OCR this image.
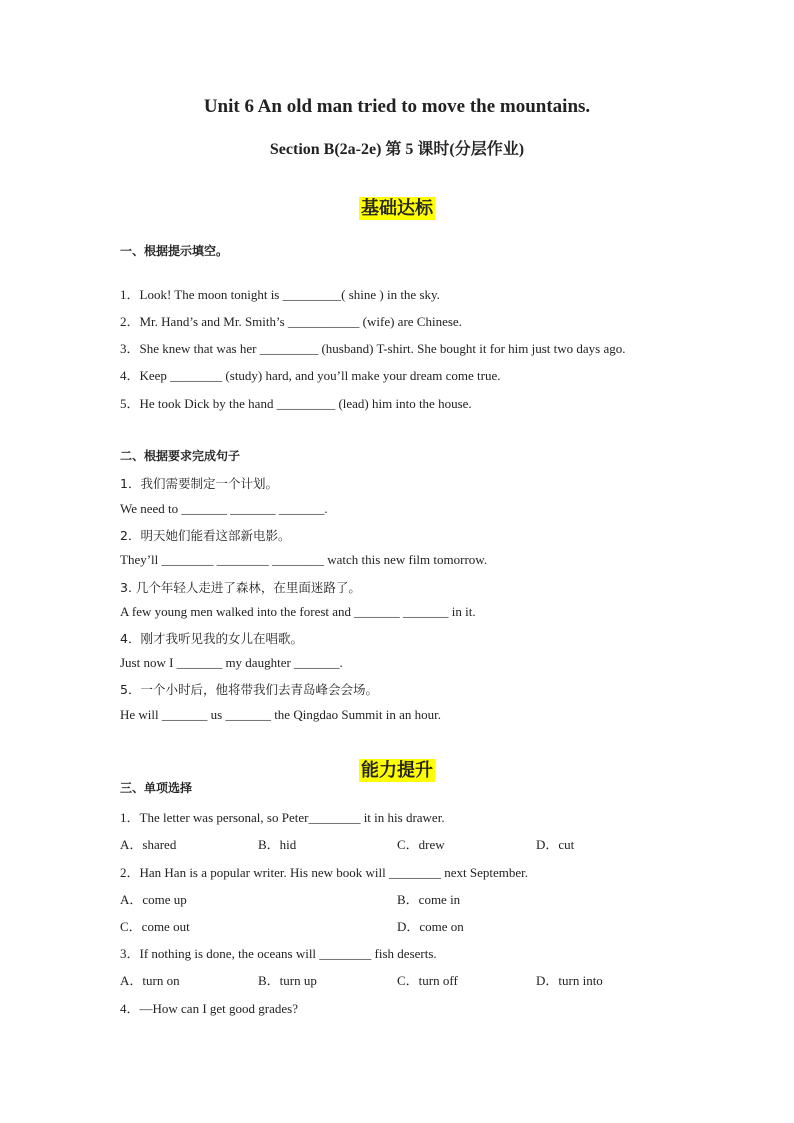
Unit 6 An old man tried to move the mountains.
Section B(2a-2e) 第 5 课时(分层作业)
基础达标
一、根据提示填空。
1．Look! The moon tonight is _________( shine ) in the sky.
2．Mr. Hand’s and Mr. Smith’s ___________ (wife) are Chinese.
3．She knew that was her _________ (husband) T-shirt. She bought it for him just two days ago.
4．Keep ________ (study) hard, and you’ll make your dream come true.
5．He took Dick by the hand _________ (lead) him into the house.
二、根据要求完成句子
1．我们需要制定一个计划。
We need to _______ _______ _______.
2．明天她们能看这部新电影。
They’ll ________ ________ ________ watch this new film tomorrow.
3. 几个年轻人走进了森林，在里面迷路了。
A few young men walked into the forest and _______ _______ in it.
4．刚才我听见我的女儿在唱歌。
Just now I _______ my daughter _______.
5．一个小时后，他将带我们去青岛峰会会场。
He will _______ us _______ the Qingdao Summit in an hour.
能力提升
三、单项选择
1．The letter was personal, so Peter________ it in his drawer.
A．shared	B．hid	C．drew	D．cut
2．Han Han is a popular writer. His new book will ________ next September.
A．come up	B．come in
C．come out	D．come on
3．If nothing is done, the oceans will ________ fish deserts.
A．turn on	B．turn up	C．turn off	D．turn into
4．—How can I get good grades?
